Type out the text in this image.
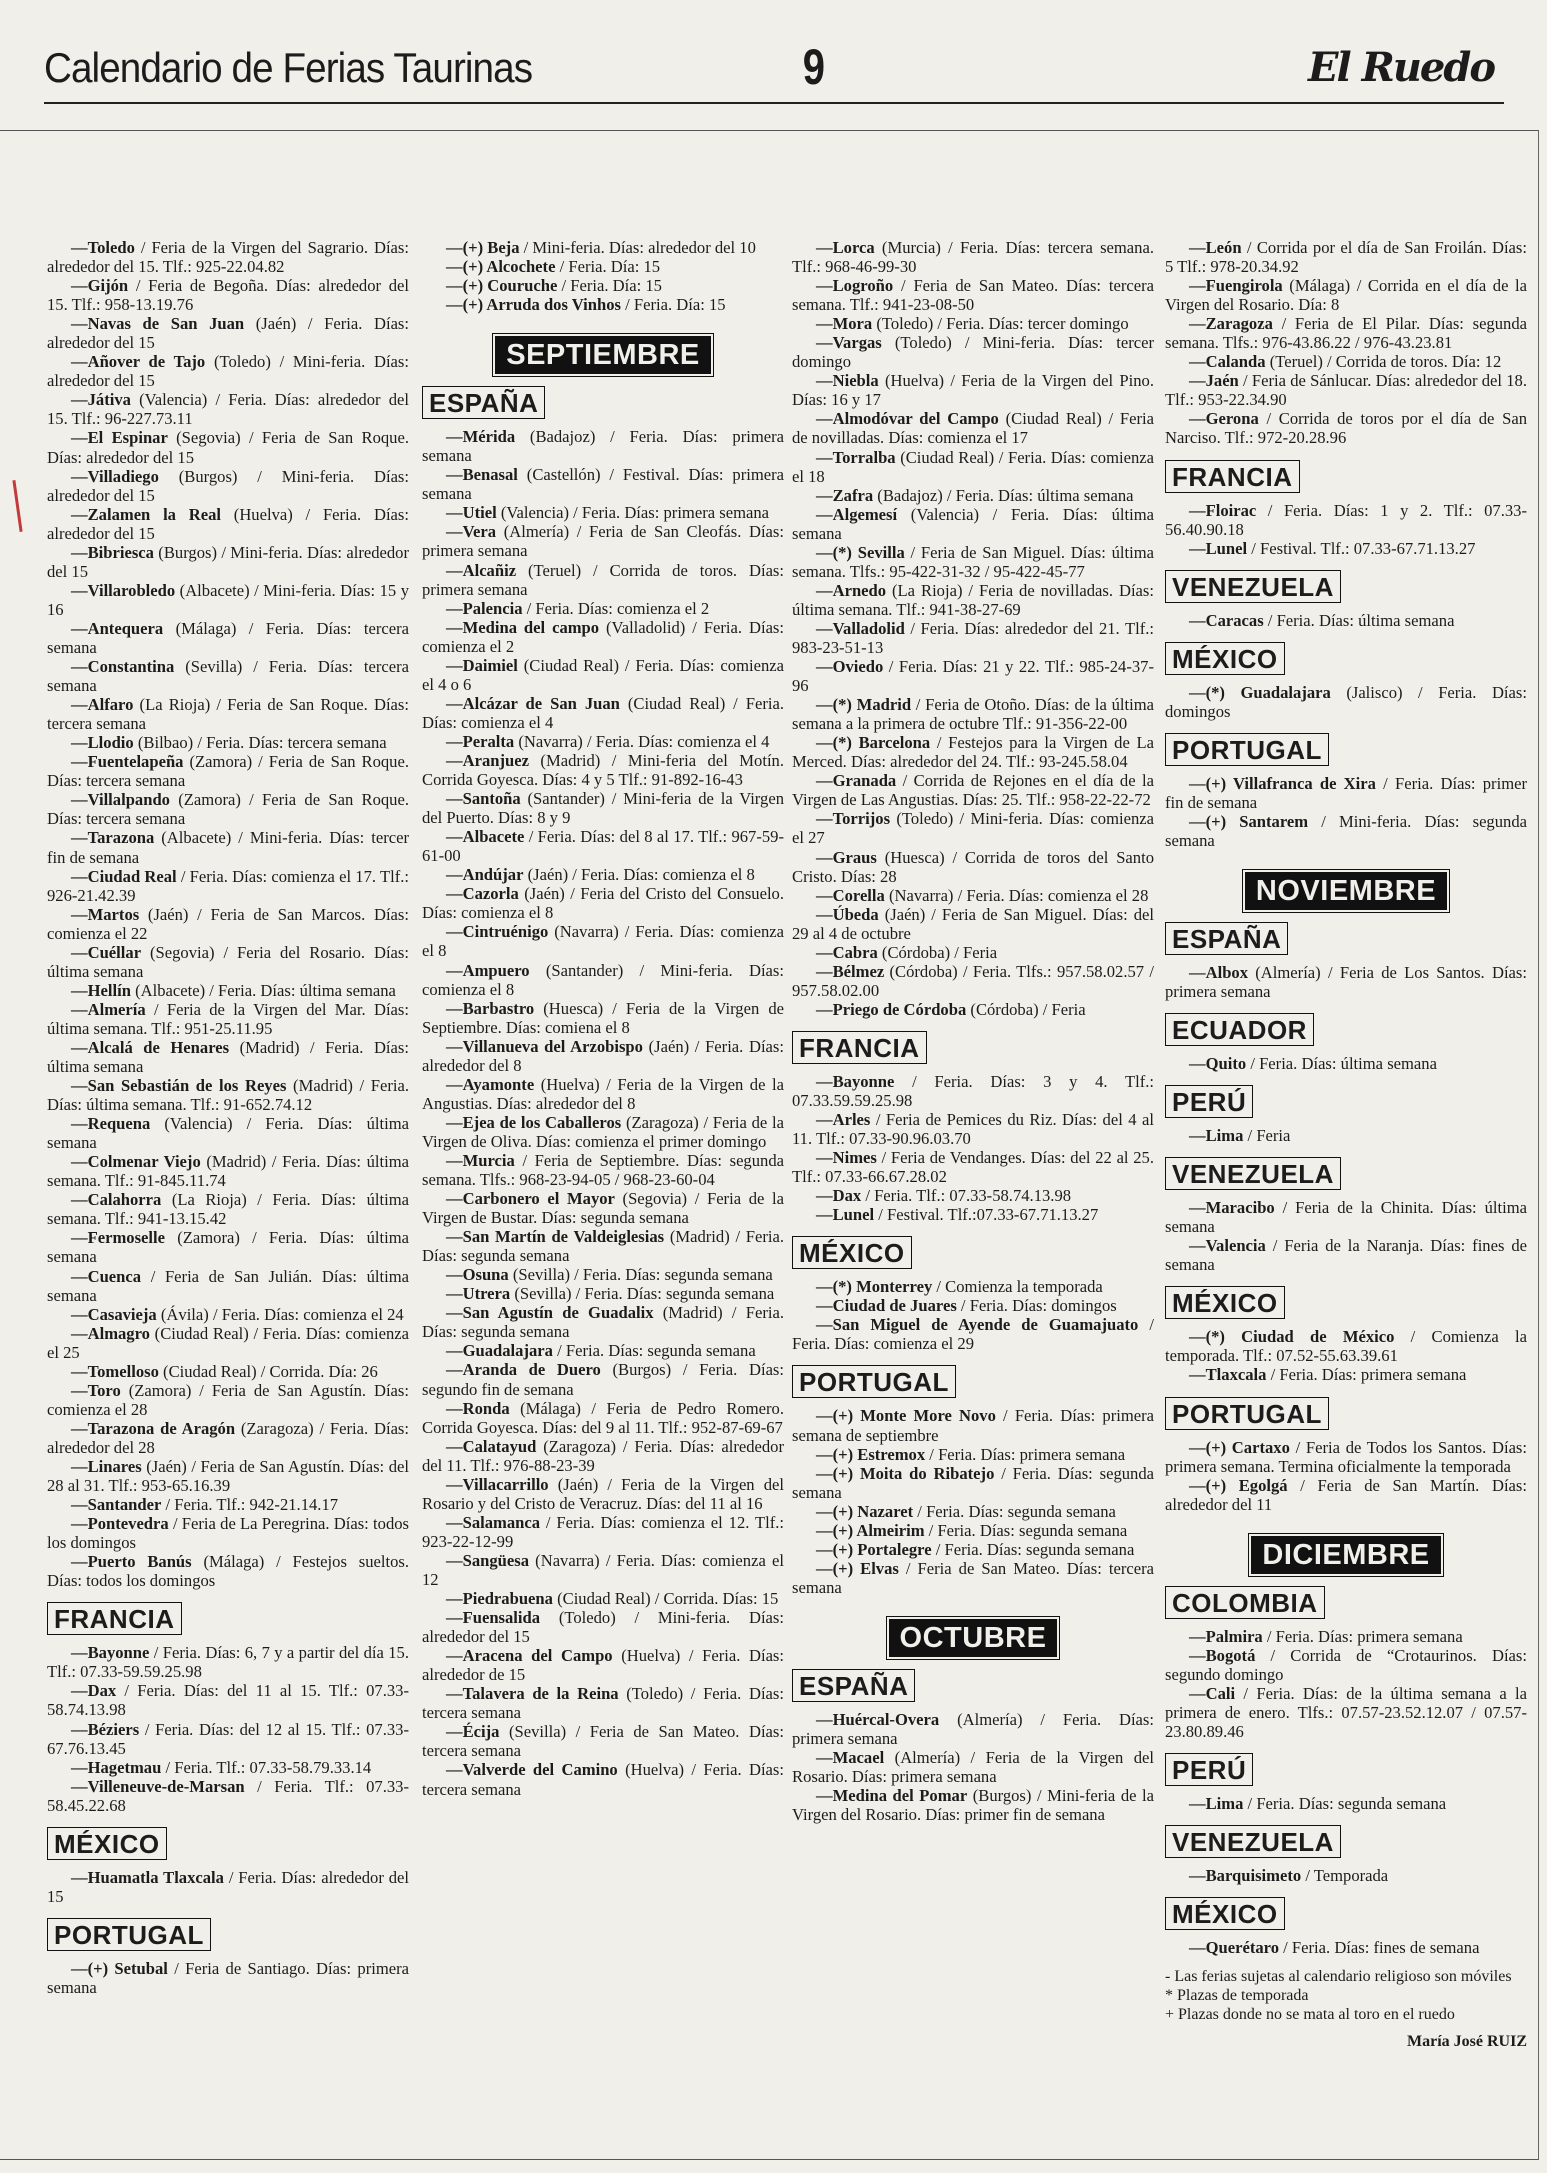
Calendario de Ferias Taurinas	9	El Ruedo
—Toledo / Feria de la Virgen del Sagrario. Días: alrededor del 15. Tlf.: 925-22.04.82
—Gijón / Feria de Begoña. Días: alrededor del 15. Tlf.: 958-13.19.76
—Navas de San Juan (Jaén) / Feria. Días: alrededor del 15
—Añover de Tajo (Toledo) / Mini-feria. Días: alrededor del 15
—Játiva (Valencia) / Feria. Días: alrededor del 15. Tlf.: 96-227.73.11
—El Espinar (Segovia) / Feria de San Roque. Días: alrededor del 15
—Villadiego (Burgos) / Mini-feria. Días: alrededor del 15
—Zalamen la Real (Huelva) / Feria. Días: alrededor del 15
—Bibriesca (Burgos) / Mini-feria. Días: alrededor del 15
—Villarobledo (Albacete) / Mini-feria. Días: 15 y 16
—Antequera (Málaga) / Feria. Días: tercera semana
—Constantina (Sevilla) / Feria. Días: tercera semana
—Alfaro (La Rioja) / Feria de San Roque. Días: tercera semana
—Llodio (Bilbao) / Feria. Días: tercera semana
—Fuentelapeña (Zamora) / Feria de San Roque. Días: tercera semana
—Villalpando (Zamora) / Feria de San Roque. Días: tercera semana
—Tarazona (Albacete) / Mini-feria. Días: tercer fin de semana
—Ciudad Real / Feria. Días: comienza el 17. Tlf.: 926-21.42.39
—Martos (Jaén) / Feria de San Marcos. Días: comienza el 22
—Cuéllar (Segovia) / Feria del Rosario. Días: última semana
—Hellín (Albacete) / Feria. Días: última semana
—Almería / Feria de la Virgen del Mar. Días: última semana. Tlf.: 951-25.11.95
—Alcalá de Henares (Madrid) / Feria. Días: última semana
—San Sebastián de los Reyes (Madrid) / Feria. Días: última semana. Tlf.: 91-652.74.12
—Requena (Valencia) / Feria. Días: última semana
—Colmenar Viejo (Madrid) / Feria. Días: última semana. Tlf.: 91-845.11.74
—Calahorra (La Rioja) / Feria. Días: última semana. Tlf.: 941-13.15.42
—Fermoselle (Zamora) / Feria. Días: última semana
—Cuenca / Feria de San Julián. Días: última semana
—Casavieja (Ávila) / Feria. Días: comienza el 24
—Almagro (Ciudad Real) / Feria. Días: comienza el 25
—Tomelloso (Ciudad Real) / Corrida. Día: 26
—Toro (Zamora) / Feria de San Agustín. Días: comienza el 28
—Tarazona de Aragón (Zaragoza) / Feria. Días: alrededor del 28
—Linares (Jaén) / Feria de San Agustín. Días: del 28 al 31. Tlf.: 953-65.16.39
—Santander / Feria. Tlf.: 942-21.14.17
—Pontevedra / Feria de La Peregrina. Días: todos los domingos
—Puerto Banús (Málaga) / Festejos sueltos. Días: todos los domingos
FRANCIA
—Bayonne / Feria. Días: 6, 7 y a partir del día 15. Tlf.: 07.33-59.59.25.98
—Dax / Feria. Días: del 11 al 15. Tlf.: 07.33-58.74.13.98
—Béziers / Feria. Días: del 12 al 15. Tlf.: 07.33-67.76.13.45
—Hagetmau / Feria. Tlf.: 07.33-58.79.33.14
—Villeneuve-de-Marsan / Feria. Tlf.: 07.33-58.45.22.68
MÉXICO
—Huamatla Tlaxcala / Feria. Días: alrededor del 15
PORTUGAL
—(+) Setubal / Feria de Santiago. Días: primera semana
—(+) Beja / Mini-feria. Días: alrededor del 10
—(+) Alcochete / Feria. Día: 15
—(+) Couruche / Feria. Día: 15
—(+) Arruda dos Vinhos / Feria. Día: 15
SEPTIEMBRE
ESPAÑA
—Mérida (Badajoz) / Feria. Días: primera semana
—Benasal (Castellón) / Festival. Días: primera semana
—Utiel (Valencia) / Feria. Días: primera semana
—Vera (Almería) / Feria de San Cleofás. Días: primera semana
—Alcañiz (Teruel) / Corrida de toros. Días: primera semana
—Palencia / Feria. Días: comienza el 2
—Medina del campo (Valladolid) / Feria. Días: comienza el 2
—Daimiel (Ciudad Real) / Feria. Días: comienza el 4 o 6
—Alcázar de San Juan (Ciudad Real) / Feria. Días: comienza el 4
—Peralta (Navarra) / Feria. Días: comienza el 4
—Aranjuez (Madrid) / Mini-feria del Motín. Corrida Goyesca. Días: 4 y 5 Tlf.: 91-892-16-43
—Santoña (Santander) / Mini-feria de la Virgen del Puerto. Días: 8 y 9
—Albacete / Feria. Días: del 8 al 17. Tlf.: 967-59-61-00
—Andújar (Jaén) / Feria. Días: comienza el 8
—Cazorla (Jaén) / Feria del Cristo del Consuelo. Días: comienza el 8
—Cintruénigo (Navarra) / Feria. Días: comienza el 8
—Ampuero (Santander) / Mini-feria. Días: comienza el 8
—Barbastro (Huesca) / Feria de la Virgen de Septiembre. Días: comiena el 8
—Villanueva del Arzobispo (Jaén) / Feria. Días: alrededor del 8
—Ayamonte (Huelva) / Feria de la Virgen de la Angustias. Días: alrededor del 8
—Ejea de los Caballeros (Zaragoza) / Feria de la Virgen de Oliva. Días: comienza el primer domingo
—Murcia / Feria de Septiembre. Días: segunda semana. Tlfs.: 968-23-94-05 / 968-23-60-04
—Carbonero el Mayor (Segovia) / Feria de la Virgen de Bustar. Días: segunda semana
—San Martín de Valdeiglesias (Madrid) / Feria. Días: segunda semana
—Osuna (Sevilla) / Feria. Días: segunda semana
—Utrera (Sevilla) / Feria. Días: segunda semana
—San Agustín de Guadalix (Madrid) / Feria. Días: segunda semana
—Guadalajara / Feria. Días: segunda semana
—Aranda de Duero (Burgos) / Feria. Días: segundo fin de semana
—Ronda (Málaga) / Feria de Pedro Romero. Corrida Goyesca. Días: del 9 al 11. Tlf.: 952-87-69-67
—Calatayud (Zaragoza) / Feria. Días: alrededor del 11. Tlf.: 976-88-23-39
—Villacarrillo (Jaén) / Feria de la Virgen del Rosario y del Cristo de Veracruz. Días: del 11 al 16
—Salamanca / Feria. Días: comienza el 12. Tlf.: 923-22-12-99
—Sangüesa (Navarra) / Feria. Días: comienza el 12
—Piedrabuena (Ciudad Real) / Corrida. Días: 15
—Fuensalida (Toledo) / Mini-feria. Días: alrededor del 15
—Aracena del Campo (Huelva) / Feria. Días: alrededor de 15
—Talavera de la Reina (Toledo) / Feria. Días: tercera semana
—Écija (Sevilla) / Feria de San Mateo. Días: tercera semana
—Valverde del Camino (Huelva) / Feria. Días: tercera semana
—Lorca (Murcia) / Feria. Días: tercera semana. Tlf.: 968-46-99-30
—Logroño / Feria de San Mateo. Días: tercera semana. Tlf.: 941-23-08-50
—Mora (Toledo) / Feria. Días: tercer domingo
—Vargas (Toledo) / Mini-feria. Días: tercer domingo
—Niebla (Huelva) / Feria de la Virgen del Pino. Días: 16 y 17
—Almodóvar del Campo (Ciudad Real) / Feria de novilladas. Días: comienza el 17
—Torralba (Ciudad Real) / Feria. Días: comienza el 18
—Zafra (Badajoz) / Feria. Días: última semana
—Algemesí (Valencia) / Feria. Días: última semana
—(*) Sevilla / Feria de San Miguel. Días: última semana. Tlfs.: 95-422-31-32 / 95-422-45-77
—Arnedo (La Rioja) / Feria de novilladas. Días: última semana. Tlf.: 941-38-27-69
—Valladolid / Feria. Días: alrededor del 21. Tlf.: 983-23-51-13
—Oviedo / Feria. Días: 21 y 22. Tlf.: 985-24-37-96
—(*) Madrid / Feria de Otoño. Días: de la última semana a la primera de octubre Tlf.: 91-356-22-00
—(*) Barcelona / Festejos para la Virgen de La Merced. Días: alrededor del 24. Tlf.: 93-245.58.04
—Granada / Corrida de Rejones en el día de la Virgen de Las Angustias. Días: 25. Tlf.: 958-22-22-72
—Torrijos (Toledo) / Mini-feria. Días: comienza el 27
—Graus (Huesca) / Corrida de toros del Santo Cristo. Días: 28
—Corella (Navarra) / Feria. Días: comienza el 28
—Úbeda (Jaén) / Feria de San Miguel. Días: del 29 al 4 de octubre
—Cabra (Córdoba) / Feria
—Bélmez (Córdoba) / Feria. Tlfs.: 957.58.02.57 / 957.58.02.00
—Priego de Córdoba (Córdoba) / Feria
FRANCIA
—Bayonne / Feria. Días: 3 y 4. Tlf.: 07.33.59.59.25.98
—Arles / Feria de Pemices du Riz. Días: del 4 al 11. Tlf.: 07.33-90.96.03.70
—Nimes / Feria de Vendanges. Días: del 22 al 25. Tlf.: 07.33-66.67.28.02
—Dax / Feria. Tlf.: 07.33-58.74.13.98
—Lunel / Festival. Tlf.:07.33-67.71.13.27
MÉXICO
—(*) Monterrey / Comienza la temporada
—Ciudad de Juares / Feria. Días: domingos
—San Miguel de Ayende de Guamajuato / Feria. Días: comienza el 29
PORTUGAL
—(+) Monte More Novo / Feria. Días: primera semana de septiembre
—(+) Estremox / Feria. Días: primera semana
—(+) Moita do Ribatejo / Feria. Días: segunda semana
—(+) Nazaret / Feria. Días: segunda semana
—(+) Almeirim / Feria. Días: segunda semana
—(+) Portalegre / Feria. Días: segunda semana
—(+) Elvas / Feria de San Mateo. Días: tercera semana
OCTUBRE
ESPAÑA
—Huércal-Overa (Almería) / Feria. Días: primera semana
—Macael (Almería) / Feria de la Virgen del Rosario. Días: primera semana
—Medina del Pomar (Burgos) / Mini-feria de la Virgen del Rosario. Días: primer fin de semana
—León / Corrida por el día de San Froilán. Días: 5 Tlf.: 978-20.34.92
—Fuengirola (Málaga) / Corrida en el día de la Virgen del Rosario. Día: 8
—Zaragoza / Feria de El Pilar. Días: segunda semana. Tlfs.: 976-43.86.22 / 976-43.23.81
—Calanda (Teruel) / Corrida de toros. Día: 12
—Jaén / Feria de Sánlucar. Días: alrededor del 18. Tlf.: 953-22.34.90
—Gerona / Corrida de toros por el día de San Narciso. Tlf.: 972-20.28.96
FRANCIA
—Floirac / Feria. Días: 1 y 2. Tlf.: 07.33-56.40.90.18
—Lunel / Festival. Tlf.: 07.33-67.71.13.27
VENEZUELA
—Caracas / Feria. Días: última semana
MÉXICO
—(*) Guadalajara (Jalisco) / Feria. Días: domingos
PORTUGAL
—(+) Villafranca de Xira / Feria. Días: primer fin de semana
—(+) Santarem / Mini-feria. Días: segunda semana
NOVIEMBRE
ESPAÑA
—Albox (Almería) / Feria de Los Santos. Días: primera semana
ECUADOR
—Quito / Feria. Días: última semana
PERÚ
—Lima / Feria
VENEZUELA
—Maracibo / Feria de la Chinita. Días: última semana
—Valencia / Feria de la Naranja. Días: fines de semana
MÉXICO
—(*) Ciudad de México / Comienza la temporada. Tlf.: 07.52-55.63.39.61
—Tlaxcala / Feria. Días: primera semana
PORTUGAL
—(+) Cartaxo / Feria de Todos los Santos. Días: primera semana. Termina oficialmente la temporada
—(+) Egolgá / Feria de San Martín. Días: alrededor del 11
DICIEMBRE
COLOMBIA
—Palmira / Feria. Días: primera semana
—Bogotá / Corrida de “Crotaurinos. Días: segundo domingo
—Cali / Feria. Días: de la última semana a la primera de enero. Tlfs.: 07.57-23.52.12.07 / 07.57-23.80.89.46
PERÚ
—Lima / Feria. Días: segunda semana
VENEZUELA
—Barquisimeto / Temporada
MÉXICO
—Querétaro / Feria. Días: fines de semana
- Las ferias sujetas al calendario religioso son móviles
* Plazas de temporada
+ Plazas donde no se mata al toro en el ruedo
María José RUIZ
